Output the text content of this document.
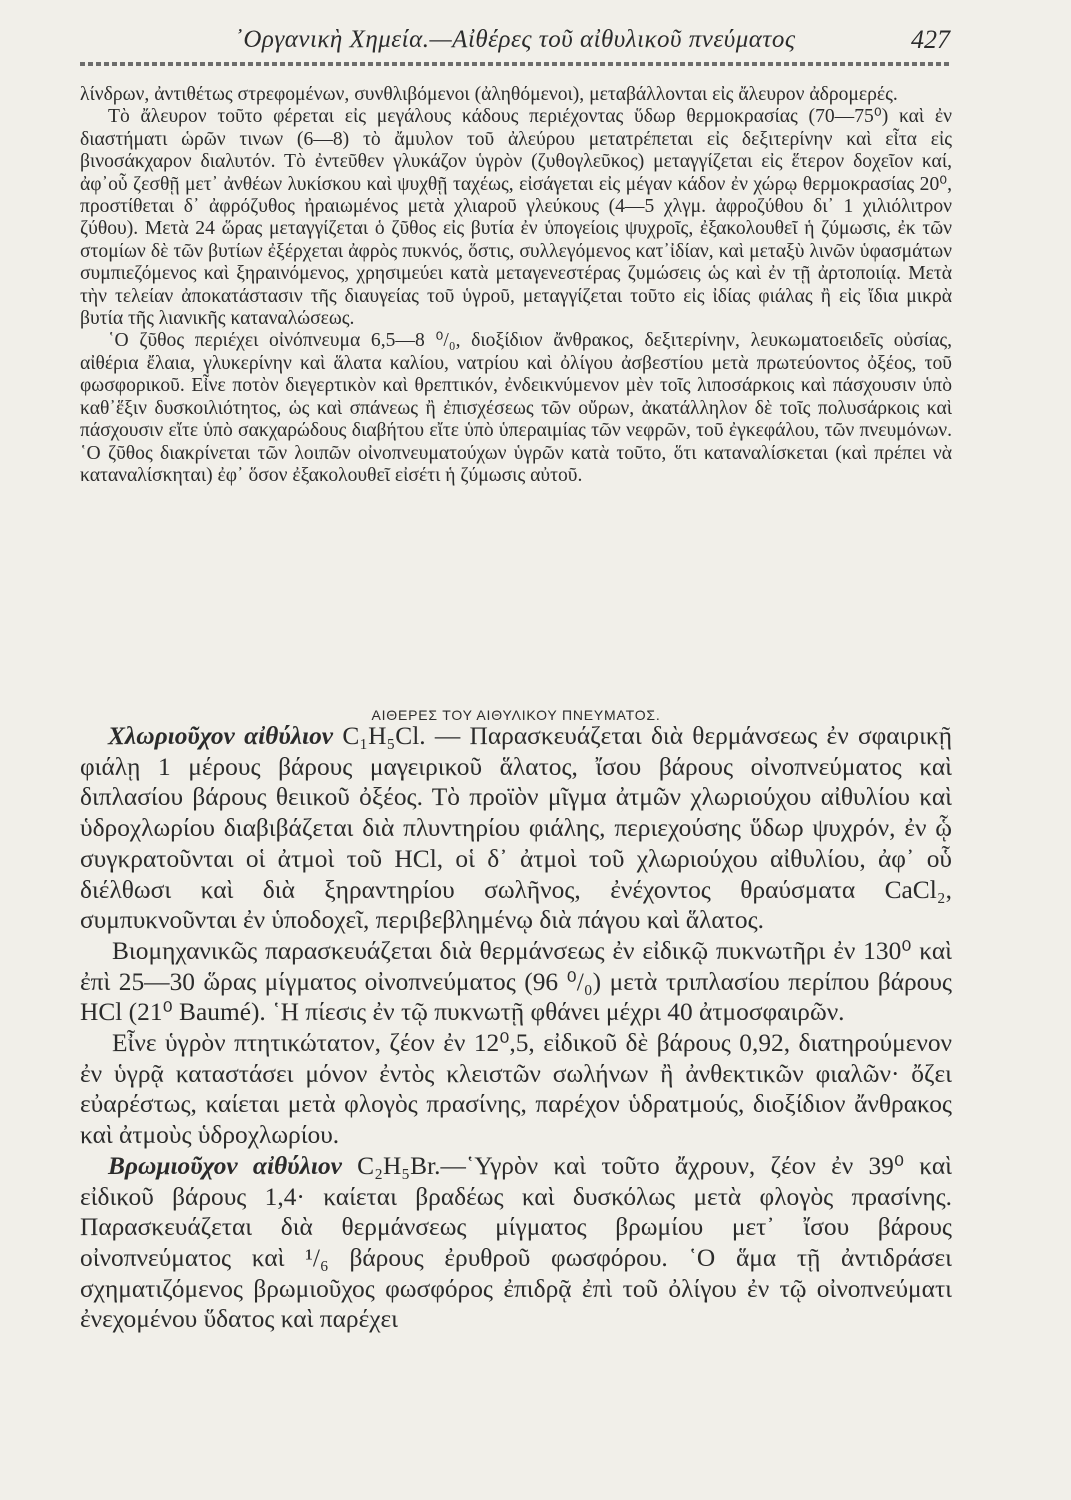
᾿Οργανικὴ Χημεία.—Αἰθέρες τοῦ αἰθυλικοῦ πνεύματος	427

λίνδρων, ἀντιθέτως στρεφομένων, συνθλιβόμενοι (ἀληθόμενοι), μεταβάλλονται εἰς ἄλευρον ἀδρομερές.

Τὸ ἄλευρον τοῦτο φέρεται εἰς μεγάλους κάδους περιέχοντας ὕδωρ θερμοκρασίας (70—75⁰) καὶ ἐν διαστήματι ὡρῶν τινων (6—8) τὸ ἄμυλον τοῦ ἀλεύρου μετατρέπεται εἰς δεξιτερίνην καὶ εἶτα εἰς βινοσάκχαρον διαλυτόν. Τὸ ἐντεῦθεν γλυκάζον ὑγρὸν (ζυθογλεῦκος) μεταγγίζεται εἰς ἕτερον δοχεῖον καί, ἀφ᾿οὗ ζεσθῇ μετ᾿ ἀνθέων λυκίσκου καὶ ψυχθῇ ταχέως, εἰσάγεται εἰς μέγαν κάδον ἐν χώρῳ θερμοκρασίας 20⁰, προστίθεται δ᾿ ἀφρόζυθος ἠραιωμένος μετὰ χλιαροῦ γλεύκους (4—5 χλγμ. ἀφροζύθου δι᾿ 1 χιλιόλιτρον ζύθου). Μετὰ 24 ὥρας μεταγγίζεται ὁ ζῦθος εἰς βυτία ἐν ὑπογείοις ψυχροῖς, ἐξακολουθεῖ ἡ ζύμωσις, ἐκ τῶν στομίων δὲ τῶν βυτίων ἐξέρχεται ἀφρὸς πυκνός, ὅστις, συλλεγόμενος κατ᾿ἰδίαν, καὶ μεταξὺ λινῶν ὑφασμάτων συμπιεζόμενος καὶ ξηραινόμενος, χρησιμεύει κατὰ μεταγενεστέρας ζυμώσεις ὡς καὶ ἐν τῇ ἀρτοποιίᾳ. Μετὰ τὴν τελείαν ἀποκατάστασιν τῆς διαυγείας τοῦ ὑγροῦ, μεταγγίζεται τοῦτο εἰς ἰδίας φιάλας ἢ εἰς ἴδια μικρὰ βυτία τῆς λιανικῆς καταναλώσεως.

῾Ο ζῦθος περιέχει οἰνόπνευμα 6,5—8 ⁰/₀, διοξίδιον ἄνθρακος, δεξιτερίνην, λευκωματοειδεῖς οὐσίας, αἰθέρια ἔλαια, γλυκερίνην καὶ ἅλατα καλίου, νατρίου καὶ ὀλίγου ἀσβεστίου μετὰ πρωτεύοντος ὀξέος, τοῦ φωσφορικοῦ. Εἶνε ποτὸν διεγερτικὸν καὶ θρεπτικόν, ἐνδεικνύμενον μὲν τοῖς λιποσάρκοις καὶ πάσχουσιν ὑπὸ καθ᾿ἕξιν δυσκοιλιότητος, ὡς καὶ σπάνεως ἢ ἐπισχέσεως τῶν οὔρων, ἀκατάλληλον δὲ τοῖς πολυσάρκοις καὶ πάσχουσιν εἴτε ὑπὸ σακχαρώδους διαβήτου εἴτε ὑπὸ ὑπεραιμίας τῶν νεφρῶν, τοῦ ἐγκεφάλου, τῶν πνευμόνων. ῾Ο ζῦθος διακρίνεται τῶν λοιπῶν οἰνοπνευματούχων ὑγρῶν κατὰ τοῦτο, ὅτι καταναλίσκεται (καὶ πρέπει νὰ καταναλίσκηται) ἐφ᾿ ὅσον ἐξακολουθεῖ εἰσέτι ἡ ζύμωσις αὐτοῦ.

ΑΙΘΕΡΕΣ ΤΟΥ ΑΙΘΥΛΙΚΟΥ ΠΝΕΥΜΑΤΟΣ.

Χλωριοῦχον αἰθύλιον C₁H₅Cl. — Παρασκευάζεται διὰ θερμάνσεως ἐν σφαιρικῇ φιάλῃ 1 μέρους βάρους μαγειρικοῦ ἅλατος, ἴσου βάρους οἰνοπνεύματος καὶ διπλασίου βάρους θειικοῦ ὀξέος. Τὸ προϊὸν μῖγμα ἀτμῶν χλωριούχου αἰθυλίου καὶ ὑδροχλωρίου διαβιβάζεται διὰ πλυντηρίου φιάλης, περιεχούσης ὕδωρ ψυχρόν, ἐν ᾧ συγκρατοῦνται οἱ ἀτμοὶ τοῦ HCl, οἱ δ᾿ ἀτμοὶ τοῦ χλωριούχου αἰθυλίου, ἀφ᾿ οὗ διέλθωσι καὶ διὰ ξηραντηρίου σωλῆνος, ἐνέχοντος θραύσματα CaCl₂, συμπυκνοῦνται ἐν ὑποδοχεῖ, περιβεβλημένῳ διὰ πάγου καὶ ἅλατος.

Βιομηχανικῶς παρασκευάζεται διὰ θερμάνσεως ἐν εἰδικῷ πυκνωτῆρι ἐν 130⁰ καὶ ἐπὶ 25—30 ὥρας μίγματος οἰνοπνεύματος (96 ⁰/₀) μετὰ τριπλασίου περίπου βάρους HCl (21⁰ Baumé). ῾Η πίεσις ἐν τῷ πυκνωτῇ φθάνει μέχρι 40 ἀτμοσφαιρῶν.

Εἶνε ὑγρὸν πτητικώτατον, ζέον ἐν 12⁰,5, εἰδικοῦ δὲ βάρους 0,92, διατηρούμενον ἐν ὑγρᾷ καταστάσει μόνον ἐντὸς κλειστῶν σωλήνων ἢ ἀνθεκτικῶν φιαλῶν· ὄζει εὐαρέστως, καίεται μετὰ φλογὸς πρασίνης, παρέχον ὑδρατμούς, διοξίδιον ἄνθρακος καὶ ἀτμοὺς ὑδροχλωρίου.

Βρωμιοῦχον αἰθύλιον C₂H₅Br.—῾Υγρὸν καὶ τοῦτο ἄχρουν, ζέον ἐν 39⁰ καὶ εἰδικοῦ βάρους 1,4· καίεται βραδέως καὶ δυσκόλως μετὰ φλογὸς πρασίνης. Παρασκευάζεται διὰ θερμάνσεως μίγματος βρωμίου μετ᾿ ἴσου βάρους οἰνοπνεύματος καὶ ¹/₆ βάρους ἐρυθροῦ φωσφόρου. ῾Ο ἅμα τῇ ἀντιδράσει σχηματιζόμενος βρωμιοῦχος φωσφόρος ἐπιδρᾷ ἐπὶ τοῦ ὀλίγου ἐν τῷ οἰνοπνεύματι ἐνεχομένου ὕδατος καὶ παρέχει
